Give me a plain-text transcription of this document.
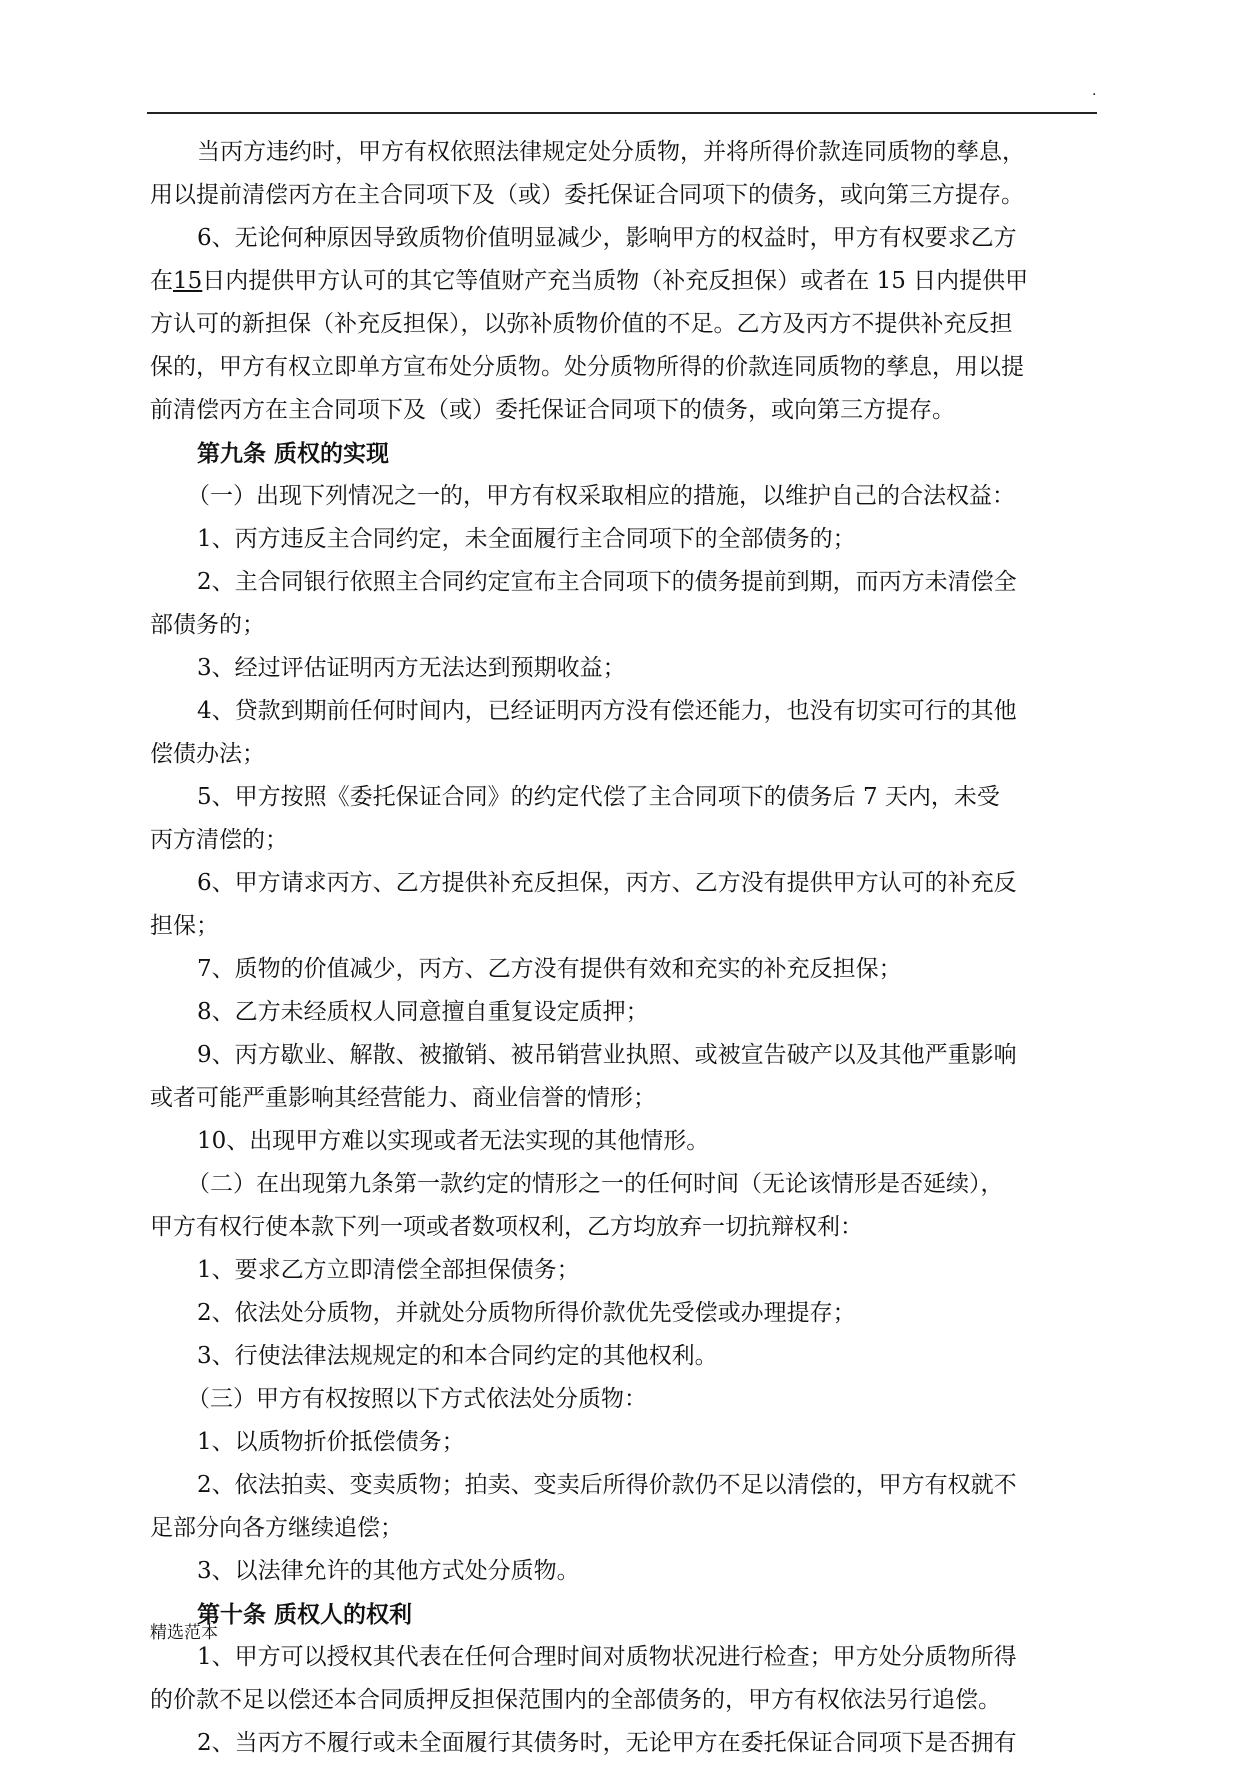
.
当丙方违约时，甲方有权依照法律规定处分质物，并将所得价款连同质物的孳息，
用以提前清偿丙方在主合同项下及（或）委托保证合同项下的债务，或向第三方提存。
6、无论何种原因导致质物价值明显减少，影响甲方的权益时，甲方有权要求乙方
在15日内提供甲方认可的其它等值财产充当质物（补充反担保）或者在 15 日内提供甲
方认可的新担保（补充反担保），以弥补质物价值的不足。乙方及丙方不提供补充反担
保的，甲方有权立即单方宣布处分质物。处分质物所得的价款连同质物的孳息，用以提
前清偿丙方在主合同项下及（或）委托保证合同项下的债务，或向第三方提存。
第九条 质权的实现
（一）出现下列情况之一的，甲方有权采取相应的措施，以维护自己的合法权益：
1、丙方违反主合同约定，未全面履行主合同项下的全部债务的；
2、主合同银行依照主合同约定宣布主合同项下的债务提前到期，而丙方未清偿全
部债务的；
3、经过评估证明丙方无法达到预期收益；
4、贷款到期前任何时间内，已经证明丙方没有偿还能力，也没有切实可行的其他
偿债办法；
5、甲方按照《委托保证合同》的约定代偿了主合同项下的债务后 7 天内，未受
丙方清偿的；
6、甲方请求丙方、乙方提供补充反担保，丙方、乙方没有提供甲方认可的补充反
担保；
7、质物的价值减少，丙方、乙方没有提供有效和充实的补充反担保；
8、乙方未经质权人同意擅自重复设定质押；
9、丙方歇业、解散、被撤销、被吊销营业执照、或被宣告破产以及其他严重影响
或者可能严重影响其经营能力、商业信誉的情形；
10、出现甲方难以实现或者无法实现的其他情形。
（二）在出现第九条第一款约定的情形之一的任何时间（无论该情形是否延续），
甲方有权行使本款下列一项或者数项权利，乙方均放弃一切抗辩权利：
1、要求乙方立即清偿全部担保债务；
2、依法处分质物，并就处分质物所得价款优先受偿或办理提存；
3、行使法律法规规定的和本合同约定的其他权利。
（三）甲方有权按照以下方式依法处分质物：
1、以质物折价抵偿债务；
2、依法拍卖、变卖质物；拍卖、变卖后所得价款仍不足以清偿的，甲方有权就不
足部分向各方继续追偿；
3、以法律允许的其他方式处分质物。
第十条 质权人的权利
1、甲方可以授权其代表在任何合理时间对质物状况进行检查；甲方处分质物所得
的价款不足以偿还本合同质押反担保范围内的全部债务的，甲方有权依法另行追偿。
2、当丙方不履行或未全面履行其债务时，无论甲方在委托保证合同项下是否拥有
精选范本
